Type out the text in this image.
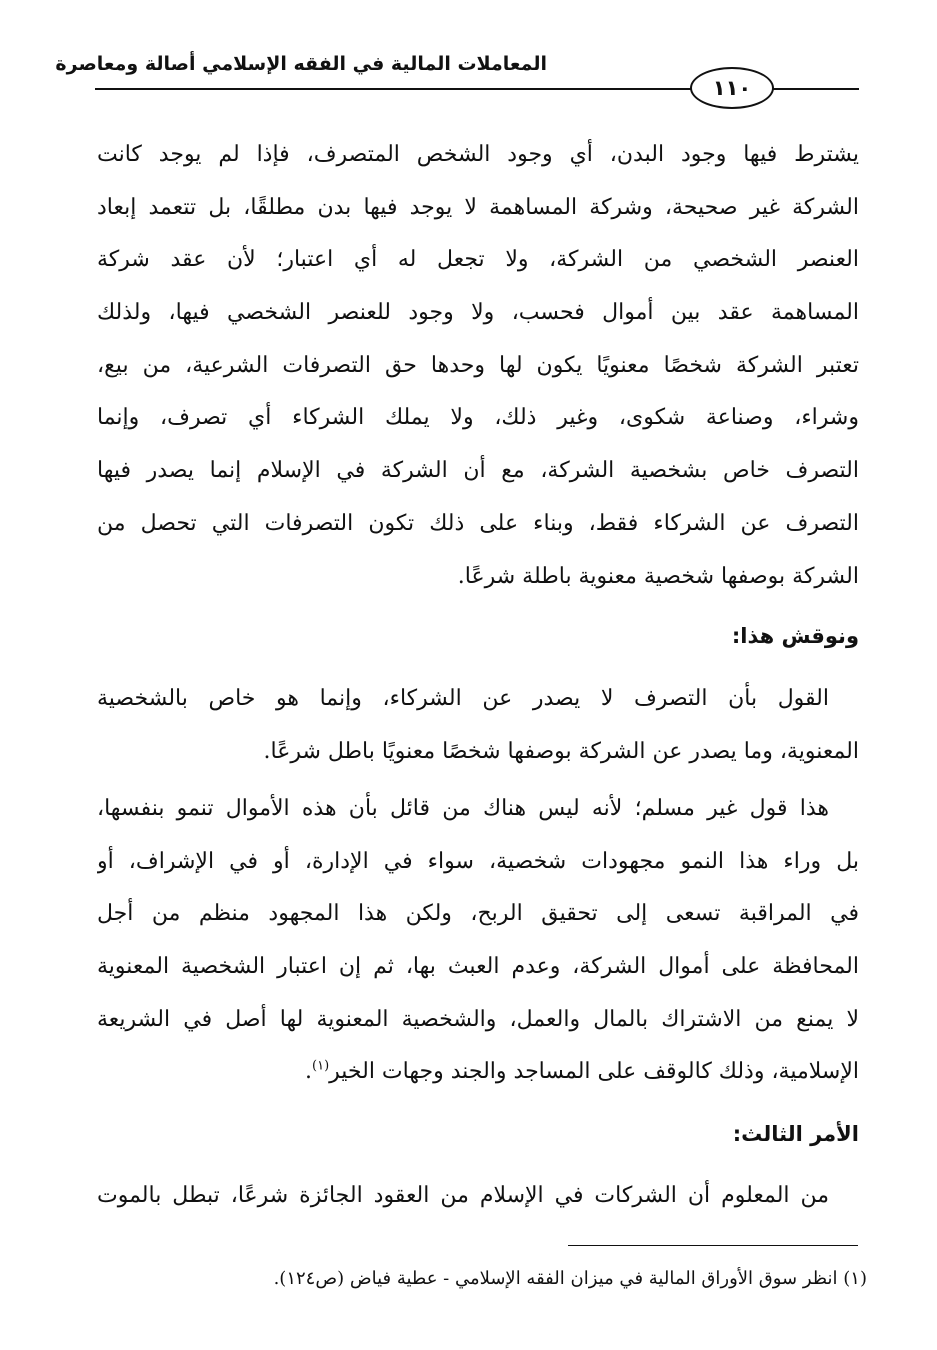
المعاملات المالية في الفقه الإسلامي أصالة ومعاصرة
١١٠
يشترط فيها وجود البدن، أي وجود الشخص المتصرف، فإذا لم يوجد كانت
الشركة غير صحيحة، وشركة المساهمة لا يوجد فيها بدن مطلقًا، بل تتعمد إبعاد
العنصر الشخصي من الشركة، ولا تجعل له أي اعتبار؛ لأن عقد شركة
المساهمة عقد بين أموال فحسب، ولا وجود للعنصر الشخصي فيها، ولذلك
تعتبر الشركة شخصًا معنويًا يكون لها وحدها حق التصرفات الشرعية، من بيع،
وشراء، وصناعة شكوى، وغير ذلك، ولا يملك الشركاء أي تصرف، وإنما
التصرف خاص بشخصية الشركة، مع أن الشركة في الإسلام إنما يصدر فيها
التصرف عن الشركاء فقط، وبناء على ذلك تكون التصرفات التي تحصل من
الشركة بوصفها شخصية معنوية باطلة شرعًا.
ونوقش هذا:
القول بأن التصرف لا يصدر عن الشركاء، وإنما هو خاص بالشخصية
المعنوية، وما يصدر عن الشركة بوصفها شخصًا معنويًا باطل شرعًا.
هذا قول غير مسلم؛ لأنه ليس هناك من قائل بأن هذه الأموال تنمو بنفسها،
بل وراء هذا النمو مجهودات شخصية، سواء في الإدارة، أو في الإشراف، أو
في المراقبة تسعى إلى تحقيق الربح، ولكن هذا المجهود منظم من أجل
المحافظة على أموال الشركة، وعدم العبث بها، ثم إن اعتبار الشخصية المعنوية
لا يمنع من الاشتراك بالمال والعمل، والشخصية المعنوية لها أصل في الشريعة
الإسلامية، وذلك كالوقف على المساجد والجند وجهات الخير$^{(١)}$.
الأمر الثالث:
من المعلوم أن الشركات في الإسلام من العقود الجائزة شرعًا، تبطل بالموت
(١) انظر سوق الأوراق المالية في ميزان الفقه الإسلامي - عطية فياض (ص١٢٤).
